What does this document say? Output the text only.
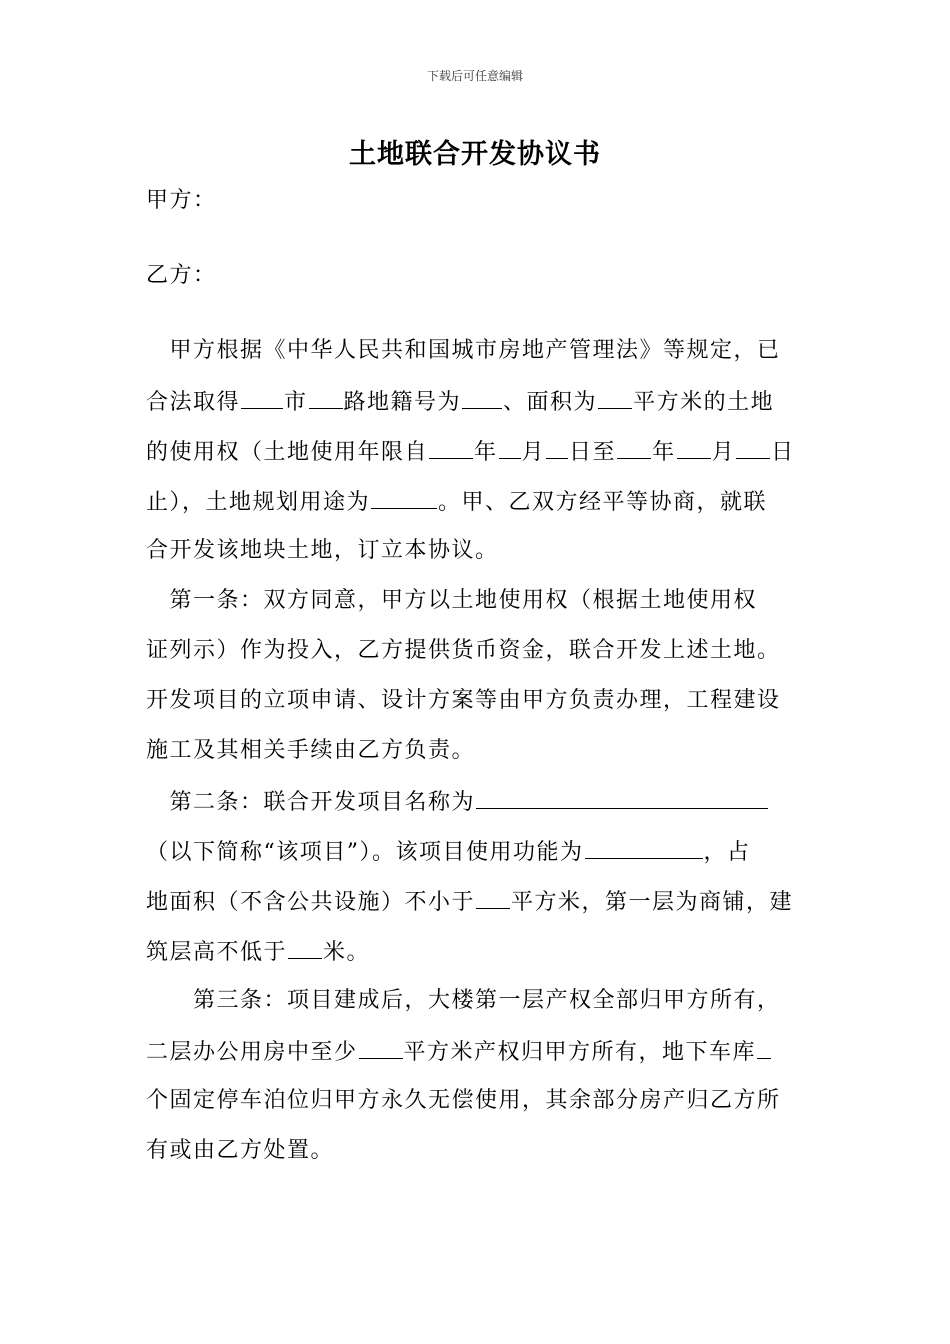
下载后可任意编辑
土地联合开发协议书
甲方：
乙方：
　甲方根据《中华人民共和国城市房地产管理法》等规定，已
合法取得 市 路地籍号为 、面积为 平方米的土地
的使用权（土地使用年限自 年 月 日至 年 月 日
止），土地规划用途为	。甲、乙双方经平等协商，就联
合开发该地块土地，订立本协议。
　第一条：双方同意，甲方以土地使用权（根据土地使用权
证列示）作为投入，乙方提供货币资金，联合开发上述土地。
开发项目的立项申请、设计方案等由甲方负责办理，工程建设
施工及其相关手续由乙方负责。
　第二条：联合开发项目名称为
（以下简称“该项目”）。该项目使用功能为	，占
地面积（不含公共设施）不小于 平方米，第一层为商铺，建
筑层高不低于 米。
　　第三条：项目建成后，大楼第一层产权全部归甲方所有，
二层办公用房中至少 平方米产权归甲方所有，地下车库
个固定停车泊位归甲方永久无偿使用，其余部分房产归乙方所
有或由乙方处置。
